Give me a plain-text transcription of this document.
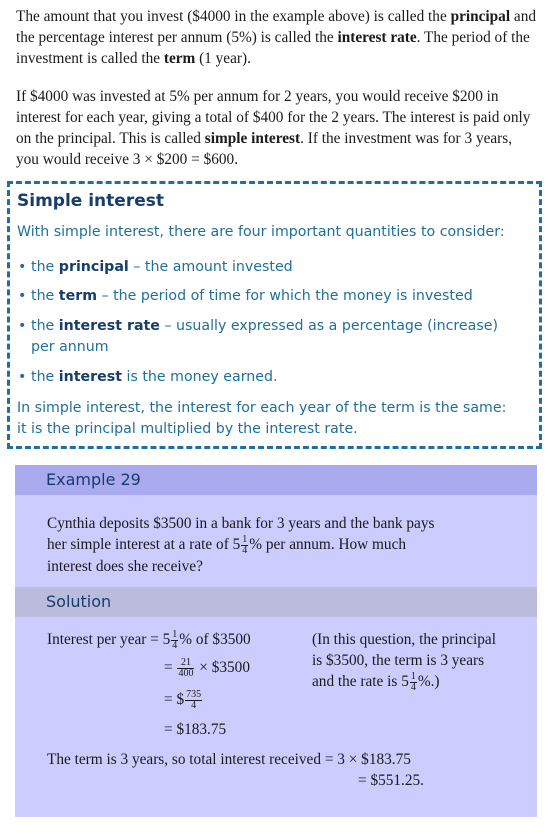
The amount that you invest ($4000 in the example above) is called the principal and the percentage interest per annum (5%) is called the interest rate. The period of the investment is called the term (1 year).
If $4000 was invested at 5% per annum for 2 years, you would receive $200 in interest for each year, giving a total of $400 for the 2 years. The interest is paid only on the principal. This is called simple interest. If the investment was for 3 years, you would receive 3 × $200 = $600.
Simple interest
With simple interest, there are four important quantities to consider:
• the principal – the amount invested
• the term – the period of time for which the money is invested
• the interest rate – usually expressed as a percentage (increase)
per annum
• the interest is the money earned.
In simple interest, the interest for each year of the term is the same:
it is the principal multiplied by the interest rate.
Example 29
Cynthia deposits $3500 in a bank for 3 years and the bank pays
her simple interest at a rate of $5 \frac{1}{4}$ % per annum. How much
interest does she receive?
Solution
Interest per year = $5 \frac{1}{4}$ % of $3500
= $\frac{21}{400}$ × $3500
= $ $\frac{735}{4}$
= $183.75
(In this question, the principal
is $3500, the term is 3 years
and the rate is $5 \frac{1}{4}$ %.)
The term is 3 years, so total interest received = 3 × $183.75
= $551.25.
